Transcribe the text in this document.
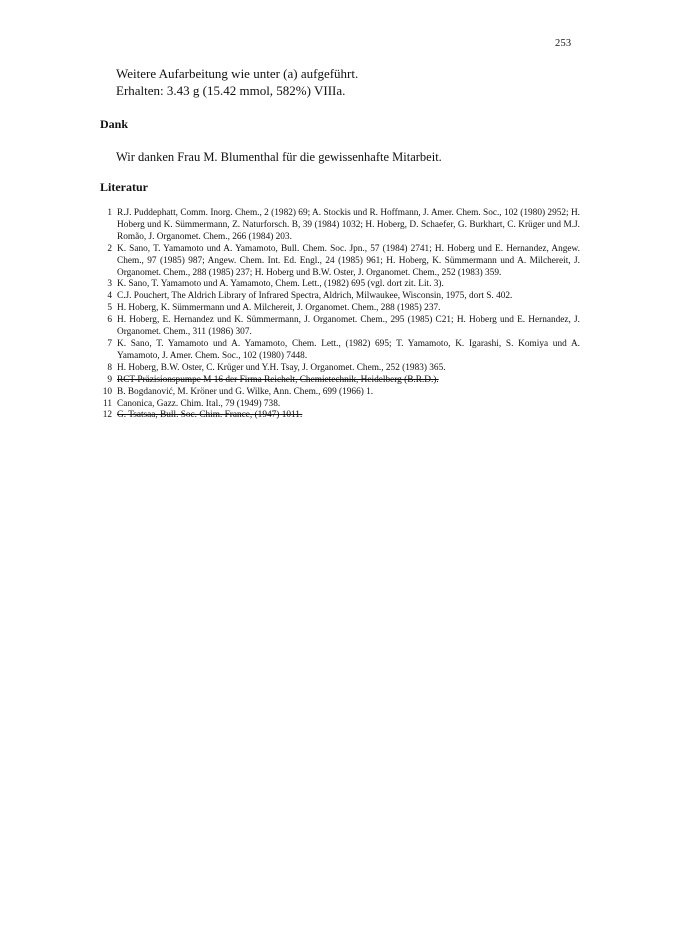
253
Weitere Aufarbeitung wie unter (a) aufgeführt.
Erhalten: 3.43 g (15.42 mmol, 582%) VIIIa.
Dank
Wir danken Frau M. Blumenthal für die gewissenhafte Mitarbeit.
Literatur
1 R.J. Puddephatt, Comm. Inorg. Chem., 2 (1982) 69; A. Stockis und R. Hoffmann, J. Amer. Chem. Soc., 102 (1980) 2952; H. Hoberg und K. Sümmermann, Z. Naturforsch. B, 39 (1984) 1032; H. Hoberg, D. Schaefer, G. Burkhart, C. Krüger und M.J. Romão, J. Organomet. Chem., 266 (1984) 203.
2 K. Sano, T. Yamamoto und A. Yamamoto, Bull. Chem. Soc. Jpn., 57 (1984) 2741; H. Hoberg und E. Hernandez, Angew. Chem., 97 (1985) 987; Angew. Chem. Int. Ed. Engl., 24 (1985) 961; H. Hoberg, K. Sümmermann und A. Milchereit, J. Organomet. Chem., 288 (1985) 237; H. Hoberg und B.W. Oster, J. Organomet. Chem., 252 (1983) 359.
3 K. Sano, T. Yamamoto und A. Yamamoto, Chem. Lett., (1982) 695 (vgl. dort zit. Lit. 3).
4 C.J. Pouchert, The Aldrich Library of Infrared Spectra, Aldrich, Milwaukee, Wisconsin, 1975, dort S. 402.
5 H. Hoberg, K. Sümmermann und A. Milchereit, J. Organomet. Chem., 288 (1985) 237.
6 H. Hoberg, E. Hernandez und K. Sümmermann, J. Organomet. Chem., 295 (1985) C21; H. Hoberg und E. Hernandez, J. Organomet. Chem., 311 (1986) 307.
7 K. Sano, T. Yamamoto und A. Yamamoto, Chem. Lett., (1982) 695; T. Yamamoto, K. Igarashi, S. Komiya und A. Yamamoto, J. Amer. Chem. Soc., 102 (1980) 7448.
8 H. Hoberg, B.W. Oster, C. Krüger und Y.H. Tsay, J. Organomet. Chem., 252 (1983) 365.
9 RCT-Präzisionspumpe M 16 der Firma Reichelt, Chemietechnik, Heidelberg (B.R.D.).
10 B. Bogdanović, M. Kröner und G. Wilke, Ann. Chem., 699 (1966) 1.
11 Canonica, Gazz. Chim. Ital., 79 (1949) 738.
12 G. Tsatsaa, Bull. Soc. Chim. France, (1947) 1011.
